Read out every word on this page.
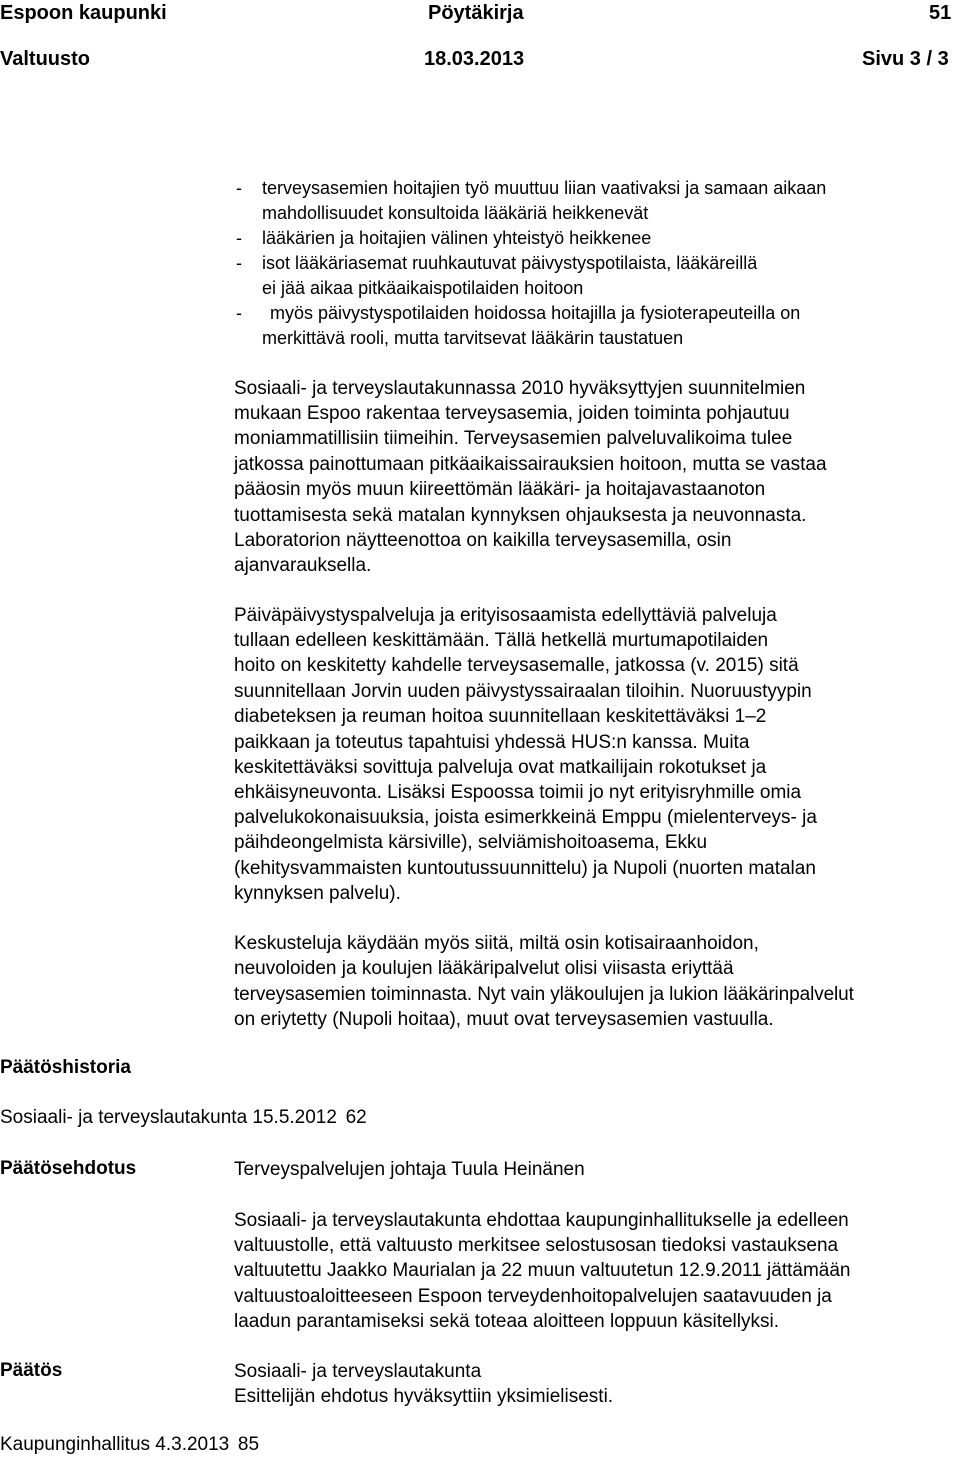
Espoon kaupunki	Pöytäkirja	51
Valtuusto	18.03.2013	Sivu 3 / 3
- terveysasemien hoitajien työ muuttuu liian vaativaksi ja samaan aikaan
mahdollisuudet konsultoida lääkäriä heikkenevät
- lääkärien ja hoitajien välinen yhteistyö heikkenee
- isot lääkäriasemat ruuhkautuvat päivystyspotilaista, lääkäreillä
ei jää aikaa pitkäaikaispotilaiden hoitoon
- myös päivystyspotilaiden hoidossa hoitajilla ja fysioterapeuteilla on
merkittävä rooli, mutta tarvitsevat lääkärin taustatuen
Sosiaali- ja terveyslautakunnassa 2010 hyväksyttyjen suunnitelmien
mukaan Espoo rakentaa terveysasemia, joiden toiminta pohjautuu
moniammatillisiin tiimeihin. Terveysasemien palveluvalikoima tulee
jatkossa painottumaan pitkäaikaissairauksien hoitoon, mutta se vastaa
pääosin myös muun kiireettömän lääkäri- ja hoitajavastaanoton
tuottamisesta sekä matalan kynnyksen ohjauksesta ja neuvonnasta.
Laboratorion näytteenottoa on kaikilla terveysasemilla, osin
ajanvarauksella.
Päiväpäivystyspalveluja ja erityisosaamista edellyttäviä palveluja
tullaan edelleen keskittämään. Tällä hetkellä murtumapotilaiden
hoito on keskitetty kahdelle terveysasemalle, jatkossa (v. 2015) sitä
suunnitellaan Jorvin uuden päivystyssairaalan tiloihin. Nuoruustyypin
diabeteksen ja reuman hoitoa suunnitellaan keskitettäväksi 1–2
paikkaan ja toteutus tapahtuisi yhdessä HUS:n kanssa. Muita
keskitettäväksi sovittuja palveluja ovat matkailijain rokotukset ja
ehkäisyneuvonta. Lisäksi Espoossa toimii jo nyt erityisryhmille omia
palvelukokonaisuuksia, joista esimerkkeinä Emppu (mielenterveys- ja
päihdeongelmista kärsiville), selviämishoitoasema, Ekku
(kehitysvammaisten kuntoutussuunnittelu) ja Nupoli (nuorten matalan
kynnyksen palvelu).
Keskusteluja käydään myös siitä, miltä osin kotisairaanhoidon,
neuvoloiden ja koulujen lääkäripalvelut olisi viisasta eriyttää
terveysasemien toiminnasta. Nyt vain yläkoulujen ja lukion lääkärinpalvelut
on eriytetty (Nupoli hoitaa), muut ovat terveysasemien vastuulla.
Päätöshistoria
Sosiaali- ja terveyslautakunta 15.5.2012 62
Päätösehdotus	Terveyspalvelujen johtaja Tuula Heinänen
Sosiaali- ja terveyslautakunta ehdottaa kaupunginhallitukselle ja edelleen
valtuustolle, että valtuusto merkitsee selostusosan tiedoksi vastauksena
valtuutettu Jaakko Maurialan ja 22 muun valtuutetun 12.9.2011 jättämään
valtuustoaloitteeseen Espoon terveydenhoitopalvelujen saatavuuden ja
laadun parantamiseksi sekä toteaa aloitteen loppuun käsitellyksi.
Päätös	Sosiaali- ja terveyslautakunta
Esittelijän ehdotus hyväksyttiin yksimielisesti.
Kaupunginhallitus 4.3.2013 85
